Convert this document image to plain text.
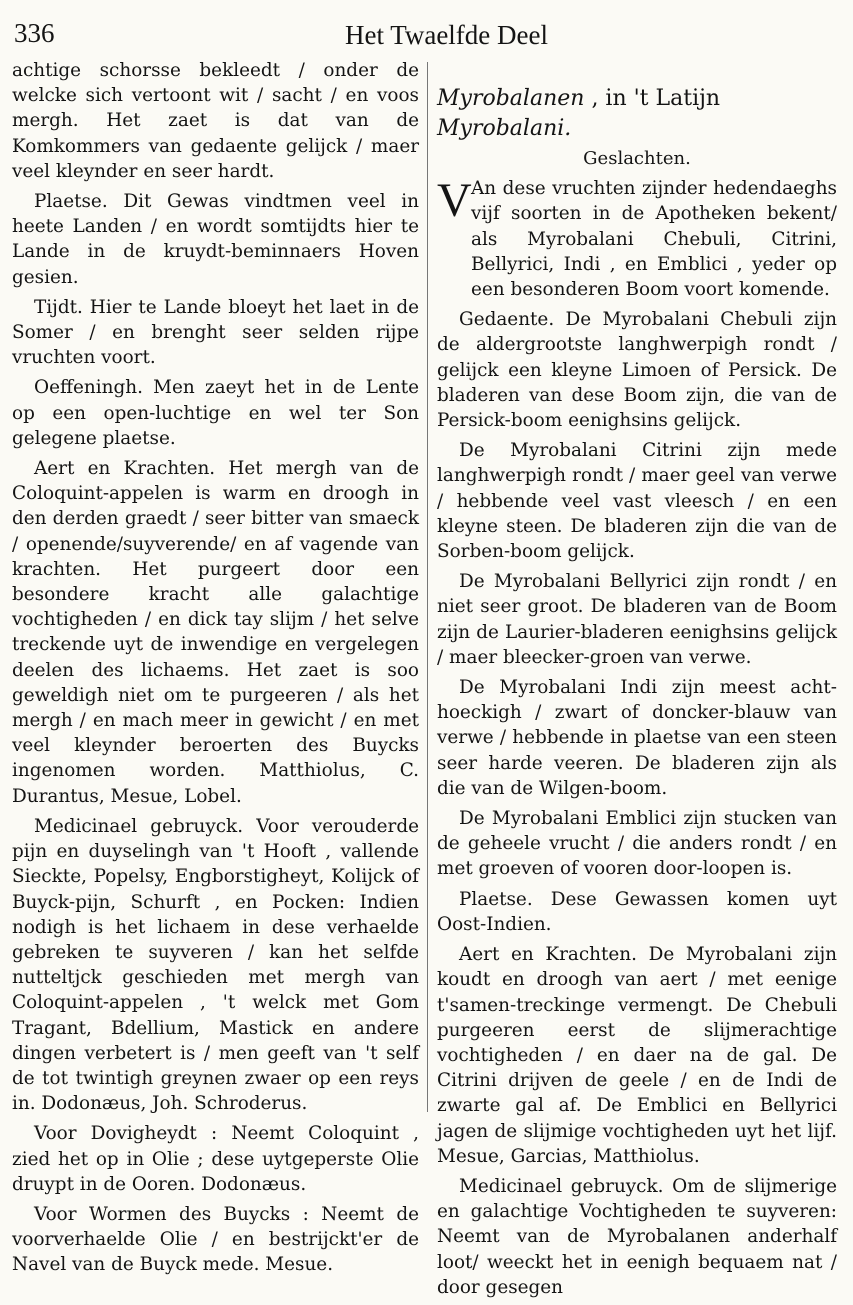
336	Het Twaelfde Deel

achtige schorsse bekleedt / onder de welcke sich vertoont wit / sacht / en voos mergh. Het zaet is dat van de Komkommers van gedaente gelijck / maer veel kleynder en seer hardt.

Plaetse. Dit Gewas vindtmen veel in heete Landen / en wordt somtijdts hier te Lande in de kruydt-beminnaers Hoven gesien.

Tijdt. Hier te Lande bloeyt het laet in de Somer / en brenght seer selden rijpe vruchten voort.

Oeffeningh. Men zaeyt het in de Lente op een open-luchtige en wel ter Son gelegene plaetse.

Aert en Krachten. Het mergh van de Coloquint-appelen is warm en droogh in den derden graedt / seer bitter van smaeck / openende/suyverende/ en af vagende van krachten. Het purgeert door een besondere kracht alle galachtige vochtigheden / en dick tay slijm / het selve treckende uyt de inwendige en vergelegen deelen des lichaems. Het zaet is soo geweldigh niet om te purgeeren / als het mergh / en mach meer in gewicht / en met veel kleynder beroerten des Buycks ingenomen worden. Matthiolus, C. Durantus, Mesue, Lobel.

Medicinael gebruyck. Voor verouderde pijn en duyselingh van 't Hooft , vallende Sieckte, Popelsy, Engborstigheyt, Kolijck of Buyck-pijn, Schurft , en Pocken: Indien nodigh is het lichaem in dese verhaelde gebreken te suyveren / kan het selfde nutteltjck geschieden met mergh van Coloquint-appelen , 't welck met Gom Tragant, Bdellium, Mastick en andere dingen verbetert is / men geeft van 't self de tot twintigh greynen zwaer op een reys in. Dodonæus, Joh. Schroderus.

Voor Dovigheydt : Neemt Coloquint , zied het op in Olie ; dese uytgeperste Olie druypt in de Ooren. Dodonæus.

Voor Wormen des Buycks : Neemt de voorverhaelde Olie / en bestrijckt'er de Navel van de Buyck mede. Mesue.

Myrobalanen , in 't Latijn Myrobalani.

Geslachten.

V An dese vruchten zijnder hedendaeghs vijf soorten in de Apotheken bekent/ als Myrobalani Chebuli, Citrini, Bellyrici, Indi , en Emblici , yeder op een besonderen Boom voort komende.

Gedaente. De Myrobalani Chebuli zijn de aldergrootste langhwerpigh rondt / gelijck een kleyne Limoen of Persick. De bladeren van dese Boom zijn, die van de Persick-boom eenighsins gelijck.

De Myrobalani Citrini zijn mede langhwerpigh rondt / maer geel van verwe / hebbende veel vast vleesch / en een kleyne steen. De bladeren zijn die van de Sorben-boom gelijck.

De Myrobalani Bellyrici zijn rondt / en niet seer groot. De bladeren van de Boom zijn de Laurier-bladeren eenighsins gelijck / maer bleecker-groen van verwe.

De Myrobalani Indi zijn meest acht-hoeckigh / zwart of doncker-blauw van verwe / hebbende in plaetse van een steen seer harde veeren. De bladeren zijn als die van de Wilgen-boom.

De Myrobalani Emblici zijn stucken van de geheele vrucht / die anders rondt / en met groeven of vooren door-loopen is.

Plaetse. Dese Gewassen komen uyt Oost-Indien.

Aert en Krachten. De Myrobalani zijn koudt en droogh van aert / met eenige t'samen-treckinge vermengt. De Chebuli purgeeren eerst de slijmerachtige vochtigheden / en daer na de gal. De Citrini drijven de geele / en de Indi de zwarte gal af. De Emblici en Bellyrici jagen de slijmige vochtigheden uyt het lijf. Mesue, Garcias, Matthiolus.

Medicinael gebruyck. Om de slijmerige en galachtige Vochtigheden te suyveren: Neemt van de Myrobalanen anderhalf loot/ weeckt het in eenigh bequaem nat / door gesegen
